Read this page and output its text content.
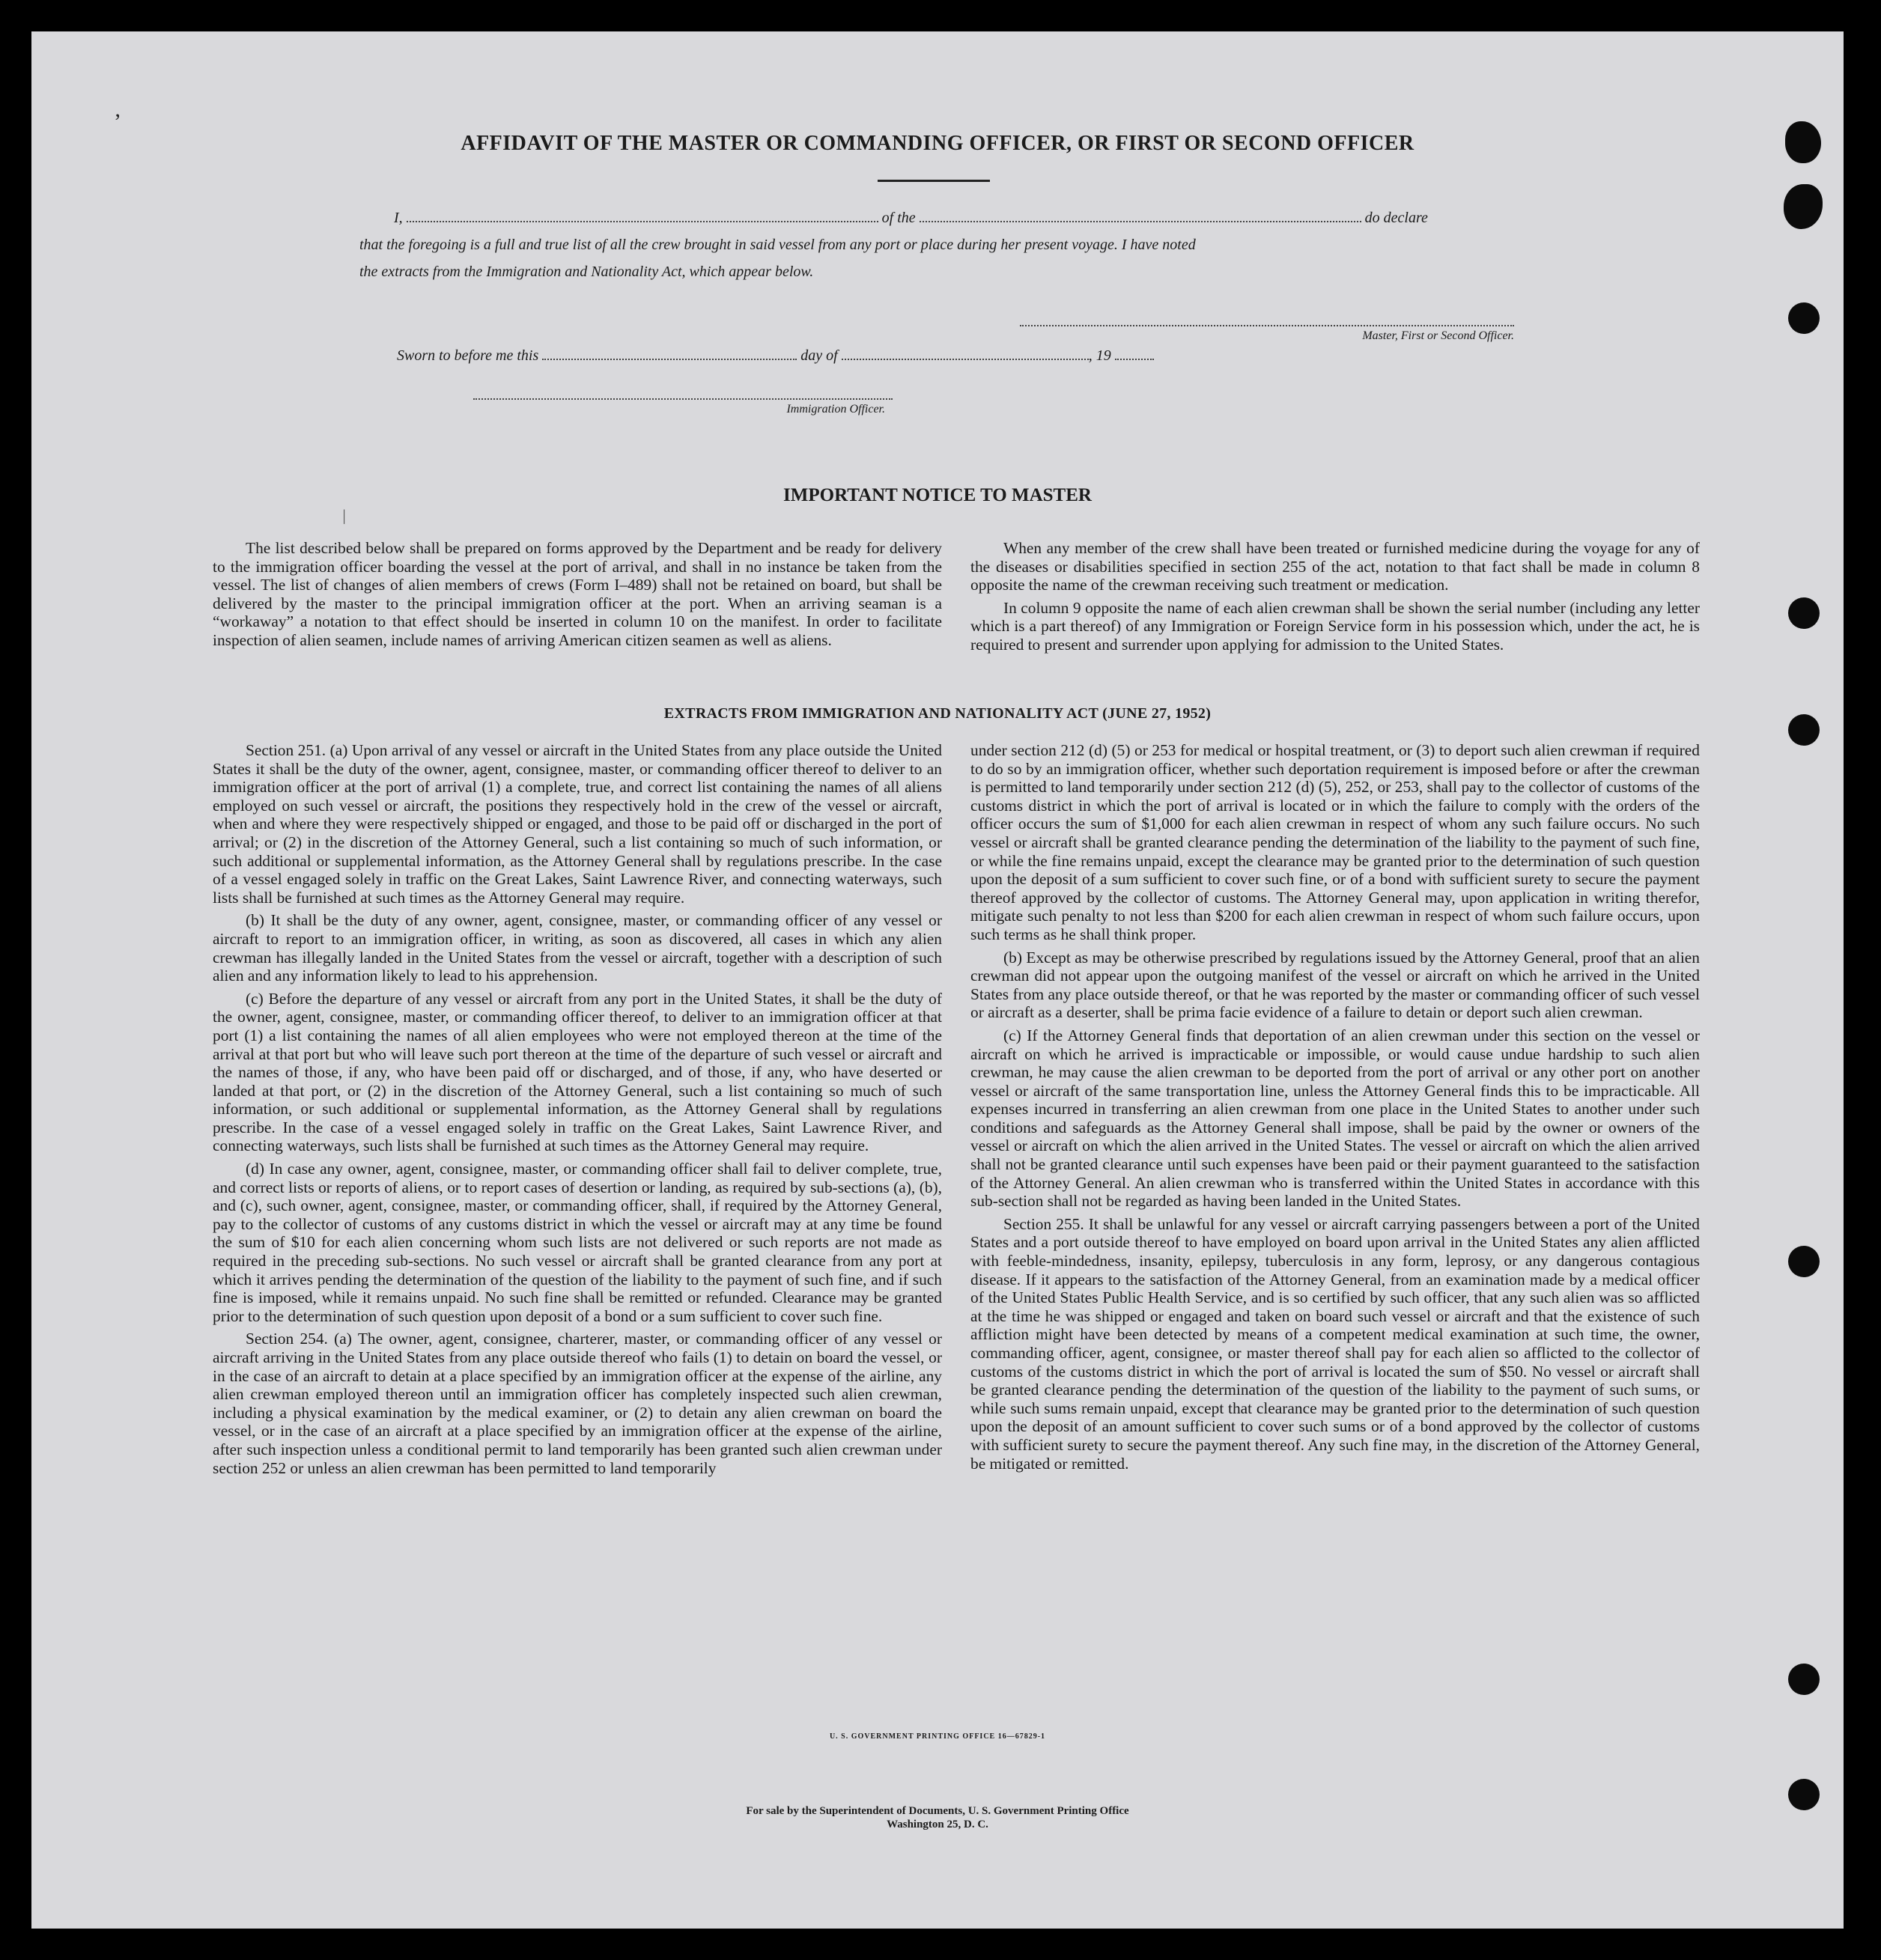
AFFIDAVIT OF THE MASTER OR COMMANDING OFFICER, OR FIRST OR SECOND OFFICER
I,	of the	do declare
that the foregoing is a full and true list of all the crew brought in said vessel from any port or place during her present voyage. I have noted
the extracts from the Immigration and Nationality Act, which appear below.
Master, First or Second Officer.
Sworn to before me this	day of	, 19
Immigration Officer.
IMPORTANT NOTICE TO MASTER

The list described below shall be prepared on forms approved by the Department and be ready for delivery to the immigration officer boarding the vessel at the port of arrival, and shall in no instance be taken from the vessel. The list of changes of alien members of crews (Form I–489) shall not be retained on board, but shall be delivered by the master to the principal immigration officer at the port. When an arriving seaman is a “workaway” a notation to that effect should be inserted in column 10 on the manifest. In order to facilitate inspection of alien seamen, include names of arriving American citizen seamen as well as aliens.

When any member of the crew shall have been treated or furnished medicine during the voyage for any of the diseases or disabilities specified in section 255 of the act, notation to that fact shall be made in column 8 opposite the name of the crewman receiving such treatment or medication.

In column 9 opposite the name of each alien crewman shall be shown the serial number (including any letter which is a part thereof) of any Immigration or Foreign Service form in his possession which, under the act, he is required to present and surrender upon applying for admission to the United States.

EXTRACTS FROM IMMIGRATION AND NATIONALITY ACT (JUNE 27, 1952)

Section 251. (a) Upon arrival of any vessel or aircraft in the United States from any place outside the United States it shall be the duty of the owner, agent, consignee, master, or commanding officer thereof to deliver to an immigration officer at the port of arrival (1) a complete, true, and correct list containing the names of all aliens employed on such vessel or aircraft, the positions they respectively hold in the crew of the vessel or aircraft, when and where they were respectively shipped or engaged, and those to be paid off or discharged in the port of arrival; or (2) in the discretion of the Attorney General, such a list containing so much of such information, or such additional or supplemental information, as the Attorney General shall by regulations prescribe. In the case of a vessel engaged solely in traffic on the Great Lakes, Saint Lawrence River, and connecting waterways, such lists shall be furnished at such times as the Attorney General may require.

(b) It shall be the duty of any owner, agent, consignee, master, or commanding officer of any vessel or aircraft to report to an immigration officer, in writing, as soon as discovered, all cases in which any alien crewman has illegally landed in the United States from the vessel or aircraft, together with a description of such alien and any information likely to lead to his apprehension.

(c) Before the departure of any vessel or aircraft from any port in the United States, it shall be the duty of the owner, agent, consignee, master, or commanding officer thereof, to deliver to an immigration officer at that port (1) a list containing the names of all alien employees who were not employed thereon at the time of the arrival at that port but who will leave such port thereon at the time of the departure of such vessel or aircraft and the names of those, if any, who have been paid off or discharged, and of those, if any, who have deserted or landed at that port, or (2) in the discretion of the Attorney General, such a list containing so much of such information, or such additional or supplemental information, as the Attorney General shall by regulations prescribe. In the case of a vessel engaged solely in traffic on the Great Lakes, Saint Lawrence River, and connecting waterways, such lists shall be furnished at such times as the Attorney General may require.

(d) In case any owner, agent, consignee, master, or commanding officer shall fail to deliver complete, true, and correct lists or reports of aliens, or to report cases of desertion or landing, as required by sub-sections (a), (b), and (c), such owner, agent, consignee, master, or commanding officer, shall, if required by the Attorney General, pay to the collector of customs of any customs district in which the vessel or aircraft may at any time be found the sum of $10 for each alien concerning whom such lists are not delivered or such reports are not made as required in the preceding sub-sections. No such vessel or aircraft shall be granted clearance from any port at which it arrives pending the determination of the question of the liability to the payment of such fine, and if such fine is imposed, while it remains unpaid. No such fine shall be remitted or refunded. Clearance may be granted prior to the determination of such question upon deposit of a bond or a sum sufficient to cover such fine.

Section 254. (a) The owner, agent, consignee, charterer, master, or commanding officer of any vessel or aircraft arriving in the United States from any place outside thereof who fails (1) to detain on board the vessel, or in the case of an aircraft to detain at a place specified by an immigration officer at the expense of the airline, any alien crewman employed thereon until an immigration officer has completely inspected such alien crewman, including a physical examination by the medical examiner, or (2) to detain any alien crewman on board the vessel, or in the case of an aircraft at a place specified by an immigration officer at the expense of the airline, after such inspection unless a conditional permit to land temporarily has been granted such alien crewman under section 252 or unless an alien crewman has been permitted to land temporarily

under section 212 (d) (5) or 253 for medical or hospital treatment, or (3) to deport such alien crewman if required to do so by an immigration officer, whether such deportation requirement is imposed before or after the crewman is permitted to land temporarily under section 212 (d) (5), 252, or 253, shall pay to the collector of customs of the customs district in which the port of arrival is located or in which the failure to comply with the orders of the officer occurs the sum of $1,000 for each alien crewman in respect of whom any such failure occurs. No such vessel or aircraft shall be granted clearance pending the determination of the liability to the payment of such fine, or while the fine remains unpaid, except the clearance may be granted prior to the determination of such question upon the deposit of a sum sufficient to cover such fine, or of a bond with sufficient surety to secure the payment thereof approved by the collector of customs. The Attorney General may, upon application in writing therefor, mitigate such penalty to not less than $200 for each alien crewman in respect of whom such failure occurs, upon such terms as he shall think proper.

(b) Except as may be otherwise prescribed by regulations issued by the Attorney General, proof that an alien crewman did not appear upon the outgoing manifest of the vessel or aircraft on which he arrived in the United States from any place outside thereof, or that he was reported by the master or commanding officer of such vessel or aircraft as a deserter, shall be prima facie evidence of a failure to detain or deport such alien crewman.

(c) If the Attorney General finds that deportation of an alien crewman under this section on the vessel or aircraft on which he arrived is impracticable or impossible, or would cause undue hardship to such alien crewman, he may cause the alien crewman to be deported from the port of arrival or any other port on another vessel or aircraft of the same transportation line, unless the Attorney General finds this to be impracticable. All expenses incurred in transferring an alien crewman from one place in the United States to another under such conditions and safeguards as the Attorney General shall impose, shall be paid by the owner or owners of the vessel or aircraft on which the alien arrived in the United States. The vessel or aircraft on which the alien arrived shall not be granted clearance until such expenses have been paid or their payment guaranteed to the satisfaction of the Attorney General. An alien crewman who is transferred within the United States in accordance with this sub-section shall not be regarded as having been landed in the United States.

Section 255. It shall be unlawful for any vessel or aircraft carrying passengers between a port of the United States and a port outside thereof to have employed on board upon arrival in the United States any alien afflicted with feeble-mindedness, insanity, epilepsy, tuberculosis in any form, leprosy, or any dangerous contagious disease. If it appears to the satisfaction of the Attorney General, from an examination made by a medical officer of the United States Public Health Service, and is so certified by such officer, that any such alien was so afflicted at the time he was shipped or engaged and taken on board such vessel or aircraft and that the existence of such affliction might have been detected by means of a competent medical examination at such time, the owner, commanding officer, agent, consignee, or master thereof shall pay for each alien so afflicted to the collector of customs of the customs district in which the port of arrival is located the sum of $50. No vessel or aircraft shall be granted clearance pending the determination of the question of the liability to the payment of such sums, or while such sums remain unpaid, except that clearance may be granted prior to the determination of such question upon the deposit of an amount sufficient to cover such sums or of a bond approved by the collector of customs with sufficient surety to secure the payment thereof. Any such fine may, in the discretion of the Attorney General, be mitigated or remitted.

U. S. GOVERNMENT PRINTING OFFICE 16—67829-1
For sale by the Superintendent of Documents, U. S. Government Printing Office
Washington 25, D. C.
’
│
